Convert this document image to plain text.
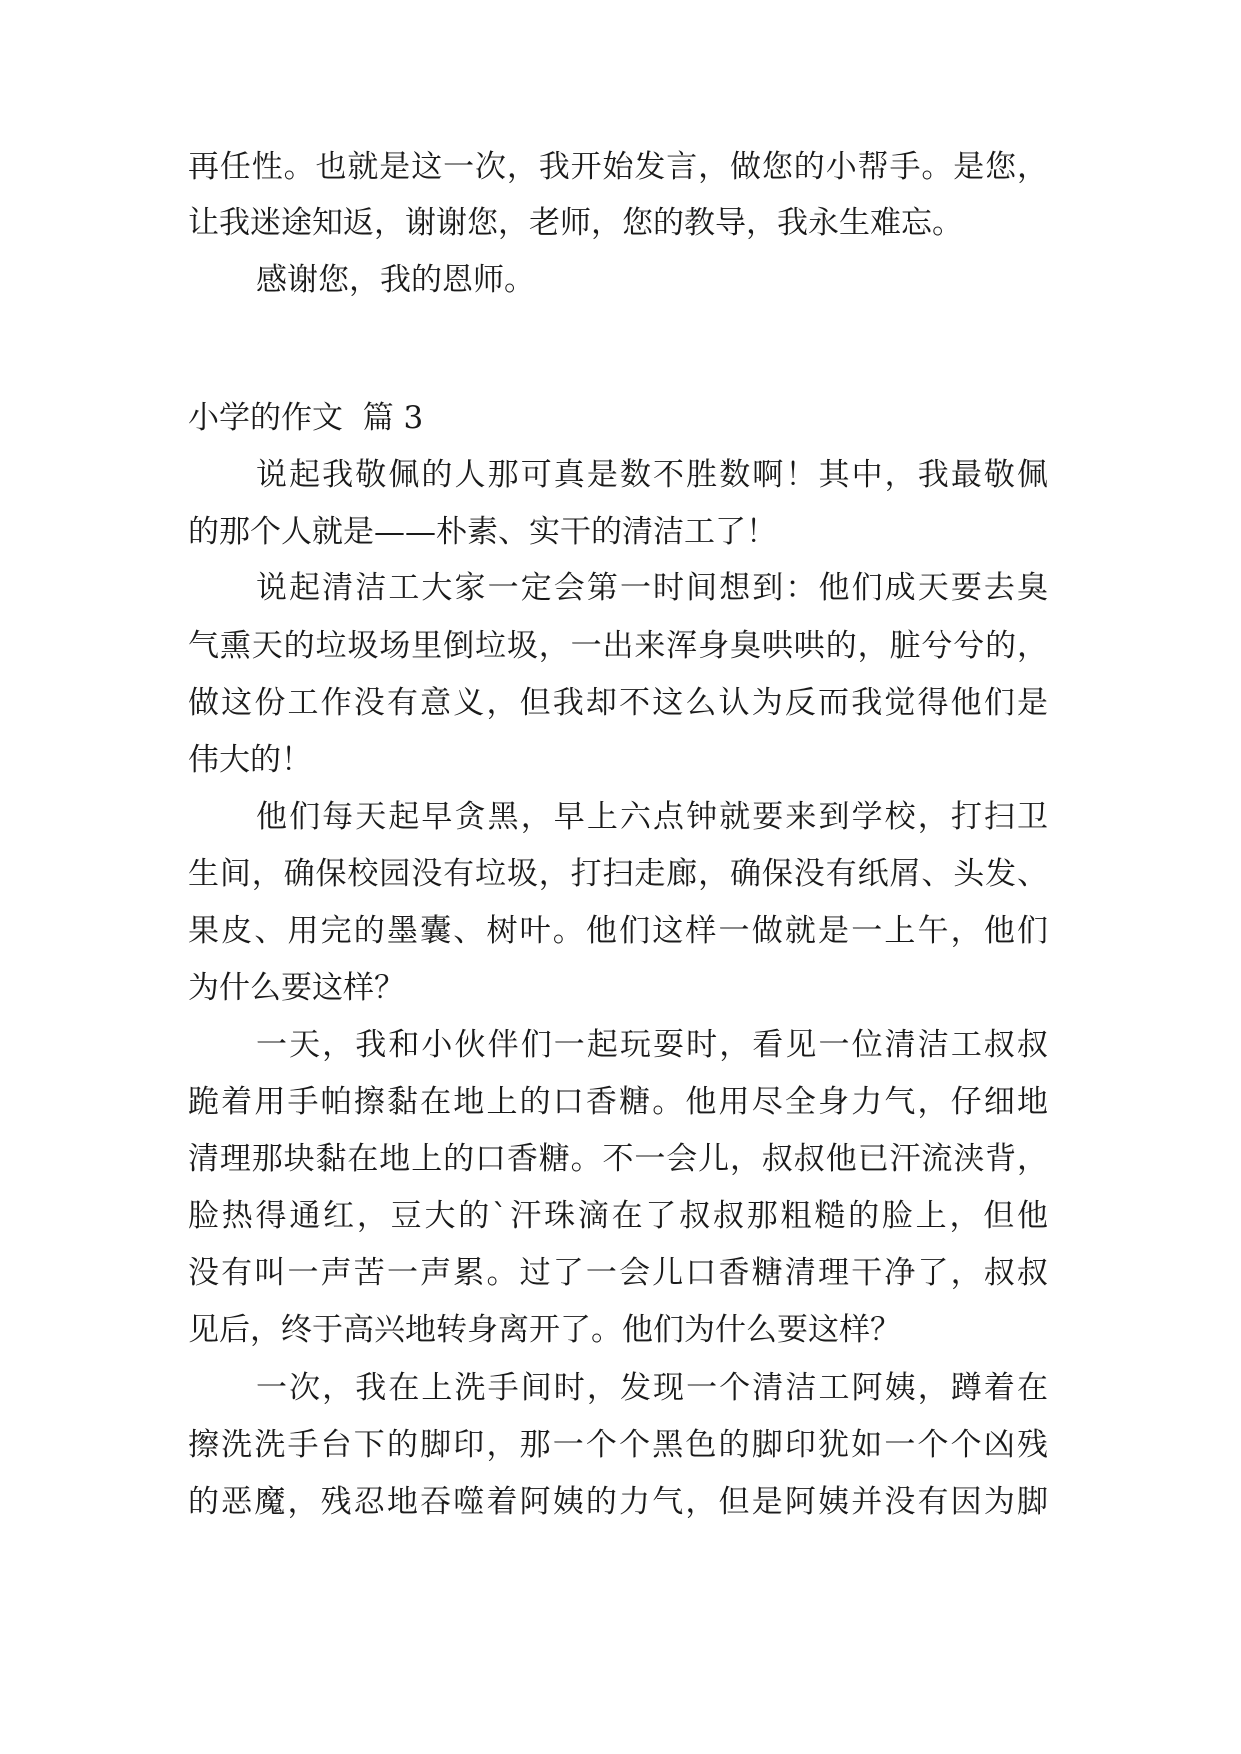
再任性。也就是这一次，我开始发言，做您的小帮手。是您，
让我迷途知返，谢谢您，老师，您的教导，我永生难忘。
感谢您，我的恩师。
小学的作文  篇 3
说起我敬佩的人那可真是数不胜数啊！其中，我最敬佩
的那个人就是——朴素、实干的清洁工了！
说起清洁工大家一定会第一时间想到：他们成天要去臭
气熏天的垃圾场里倒垃圾，一出来浑身臭哄哄的，脏兮兮的，
做这份工作没有意义，但我却不这么认为反而我觉得他们是
伟大的！
他们每天起早贪黑，早上六点钟就要来到学校，打扫卫
生间，确保校园没有垃圾，打扫走廊，确保没有纸屑、头发、
果皮、用完的墨囊、树叶。他们这样一做就是一上午，他们
为什么要这样？
一天，我和小伙伴们一起玩耍时，看见一位清洁工叔叔
跪着用手帕擦黏在地上的口香糖。他用尽全身力气，仔细地
清理那块黏在地上的口香糖。不一会儿，叔叔他已汗流浃背，
脸热得通红，豆大的`汗珠滴在了叔叔那粗糙的脸上，但他
没有叫一声苦一声累。过了一会儿口香糖清理干净了，叔叔
见后，终于高兴地转身离开了。他们为什么要这样？
一次，我在上洗手间时，发现一个清洁工阿姨，蹲着在
擦洗洗手台下的脚印，那一个个黑色的脚印犹如一个个凶残
的恶魔，残忍地吞噬着阿姨的力气，但是阿姨并没有因为脚
